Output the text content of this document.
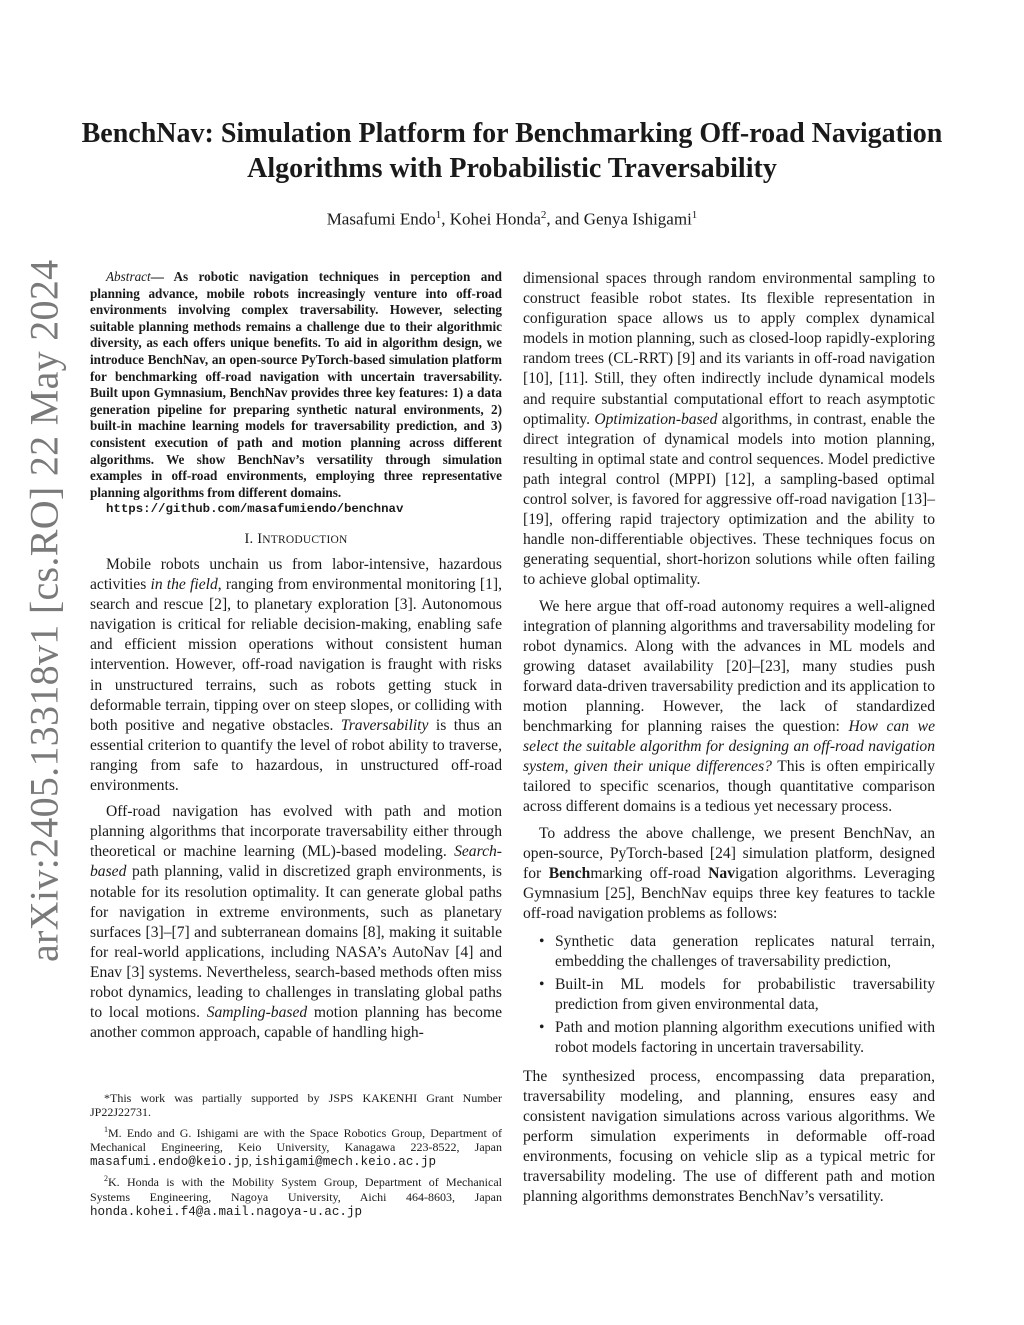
arXiv:2405.13318v1 [cs.RO] 22 May 2024
BenchNav: Simulation Platform for Benchmarking Off-road Navigation
Algorithms with Probabilistic Traversability
Masafumi Endo$^1$, Kohei Honda$^2$, and Genya Ishigami$^1$

Abstract— As robotic navigation techniques in perception and planning advance, mobile robots increasingly venture into off-road environments involving complex traversability. However, selecting suitable planning methods remains a challenge due to their algorithmic diversity, as each offers unique benefits. To aid in algorithm design, we introduce BenchNav, an open-source PyTorch-based simulation platform for benchmarking off-road navigation with uncertain traversability. Built upon Gymnasium, BenchNav provides three key features: 1) a data generation pipeline for preparing synthetic natural environments, 2) built-in machine learning models for traversability prediction, and 3) consistent execution of path and motion planning across different algorithms. We show BenchNav’s versatility through simulation examples in off-road environments, employing three representative planning algorithms from different domains.
https://github.com/masafumiendo/benchnav

I. INTRODUCTION

Mobile robots unchain us from labor-intensive, hazardous activities in the field, ranging from environmental monitoring [1], search and rescue [2], to planetary exploration [3]. Autonomous navigation is critical for reliable decision-making, enabling safe and efficient mission operations without consistent human intervention. However, off-road navigation is fraught with risks in unstructured terrains, such as robots getting stuck in deformable terrain, tipping over on steep slopes, or colliding with both positive and negative obstacles. Traversability is thus an essential criterion to quantify the level of robot ability to traverse, ranging from safe to hazardous, in unstructured off-road environments.

Off-road navigation has evolved with path and motion planning algorithms that incorporate traversability either through theoretical or machine learning (ML)-based modeling. Search-based path planning, valid in discretized graph environments, is notable for its resolution optimality. It can generate global paths for navigation in extreme environments, such as planetary surfaces [3]–[7] and subterranean domains [8], making it suitable for real-world applications, including NASA’s AutoNav [4] and Enav [3] systems. Nevertheless, search-based methods often miss robot dynamics, leading to challenges in translating global paths to local motions. Sampling-based motion planning has become another common approach, capable of handling high-

*This work was partially supported by JSPS KAKENHI Grant Number JP22J22731.

$^1$M. Endo and G. Ishigami are with the Space Robotics Group, Department of Mechanical Engineering, Keio University, Kanagawa 223-8522, Japan masafumi.endo@keio.jp, ishigami@mech.keio.ac.jp

$^2$K. Honda is with the Mobility System Group, Department of Mechanical Systems Engineering, Nagoya University, Aichi 464-8603, Japan honda.kohei.f4@a.mail.nagoya-u.ac.jp

dimensional spaces through random environmental sampling to construct feasible robot states. Its flexible representation in configuration space allows us to apply complex dynamical models in motion planning, such as closed-loop rapidly-exploring random trees (CL-RRT) [9] and its variants in off-road navigation [10], [11]. Still, they often indirectly include dynamical models and require substantial computational effort to reach asymptotic optimality. Optimization-based algorithms, in contrast, enable the direct integration of dynamical models into motion planning, resulting in optimal state and control sequences. Model predictive path integral control (MPPI) [12], a sampling-based optimal control solver, is favored for aggressive off-road navigation [13]–[19], offering rapid trajectory optimization and the ability to handle non-differentiable objectives. These techniques focus on generating sequential, short-horizon solutions while often failing to achieve global optimality.

We here argue that off-road autonomy requires a well-aligned integration of planning algorithms and traversability modeling for robot dynamics. Along with the advances in ML models and growing dataset availability [20]–[23], many studies push forward data-driven traversability prediction and its application to motion planning. However, the lack of standardized benchmarking for planning raises the question: How can we select the suitable algorithm for designing an off-road navigation system, given their unique differences? This is often empirically tailored to specific scenarios, though quantitative comparison across different domains is a tedious yet necessary process.

To address the above challenge, we present BenchNav, an open-source, PyTorch-based [24] simulation platform, designed for Benchmarking off-road Navigation algorithms. Leveraging Gymnasium [25], BenchNav equips three key features to tackle off-road navigation problems as follows:

• Synthetic data generation replicates natural terrain, embedding the challenges of traversability prediction,
• Built-in ML models for probabilistic traversability prediction from given environmental data,
• Path and motion planning algorithm executions unified with robot models factoring in uncertain traversability.

The synthesized process, encompassing data preparation, traversability modeling, and planning, ensures easy and consistent navigation simulations across various algorithms. We perform simulation experiments in deformable off-road environments, focusing on vehicle slip as a typical metric for traversability modeling. The use of different path and motion planning algorithms demonstrates BenchNav’s versatility.
